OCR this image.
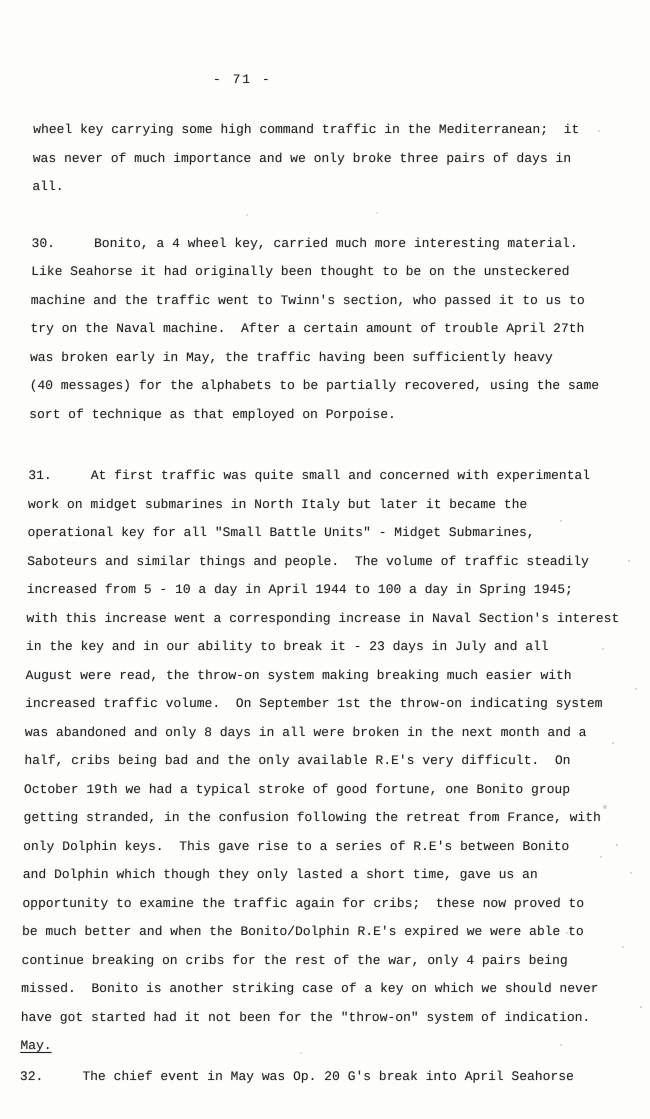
- 71 -
wheel key carrying some high command traffic in the Mediterranean;  it
was never of much importance and we only broke three pairs of days in
all.
30.     Bonito, a 4 wheel key, carried much more interesting material.
Like Seahorse it had originally been thought to be on the unsteckered
machine and the traffic went to Twinn's section, who passed it to us to
try on the Naval machine.  After a certain amount of trouble April 27th
was broken early in May, the traffic having been sufficiently heavy
(40 messages) for the alphabets to be partially recovered, using the same
sort of technique as that employed on Porpoise.
31.     At first traffic was quite small and concerned with experimental
work on midget submarines in North Italy but later it became the
operational key for all "Small Battle Units" - Midget Submarines,
Saboteurs and similar things and people.  The volume of traffic steadily
increased from 5 - 10 a day in April 1944 to 100 a day in Spring 1945;
with this increase went a corresponding increase in Naval Section's interest
in the key and in our ability to break it - 23 days in July and all
August were read, the throw-on system making breaking much easier with
increased traffic volume.  On September 1st the throw-on indicating system
was abandoned and only 8 days in all were broken in the next month and a
half, cribs being bad and the only available R.E's very difficult.  On
October 19th we had a typical stroke of good fortune, one Bonito group
getting stranded, in the confusion following the retreat from France, with
only Dolphin keys.  This gave rise to a series of R.E's between Bonito
and Dolphin which though they only lasted a short time, gave us an
opportunity to examine the traffic again for cribs;  these now proved to
be much better and when the Bonito/Dolphin R.E's expired we were able to
continue breaking on cribs for the rest of the war, only 4 pairs being
missed.  Bonito is another striking case of a key on which we should never
have got started had it not been for the "throw-on" system of indication.
May.
32.     The chief event in May was Op. 20 G's break into April Seahorse
